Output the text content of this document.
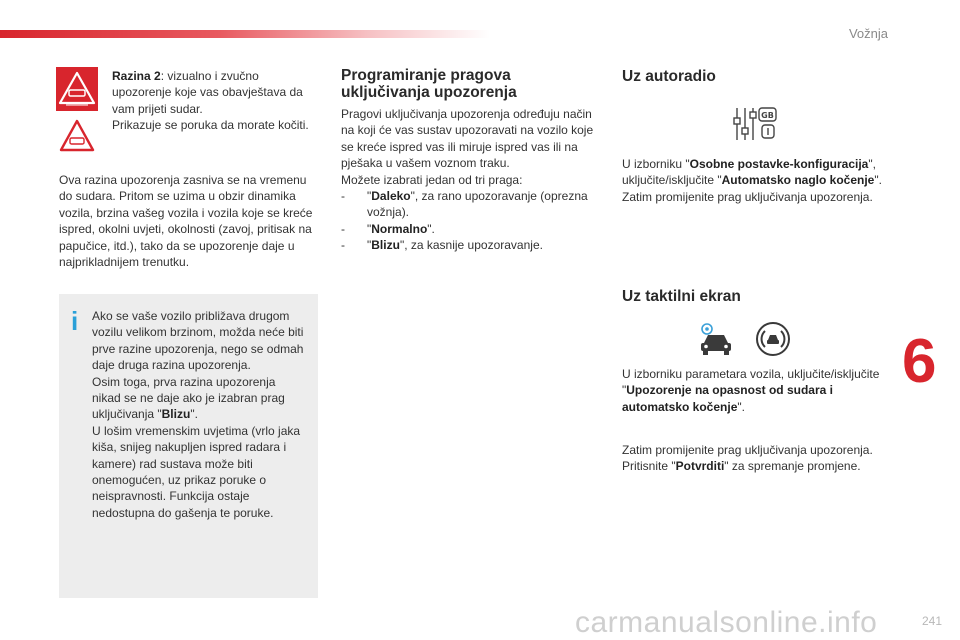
Vožnja

Razina 2: vizualno i zvučno upozorenje koje vas obavještava da vam prijeti sudar.

Prikazuje se poruka da morate kočiti.

Ova razina upozorenja zasniva se na vremenu do sudara. Pritom se uzima u obzir dinamika vozila, brzina vašeg vozila i vozila koje se kreće ispred, okolni uvjeti, okolnosti (zavoj, pritisak na papučice, itd.), tako da se upozorenje daje u najprikladnijem trenutku.

i Ako se vaše vozilo približava drugom vozilu velikom brzinom, možda neće biti prve razine upozorenja, nego se odmah daje druga razina upozorenja.

Osim toga, prva razina upozorenja nikad se ne daje ako je izabran prag uključivanja "Blizu".

U lošim vremenskim uvjetima (vrlo jaka kiša, snijeg nakupljen ispred radara i kamere) rad sustava može biti onemogućen, uz prikaz poruke o neispravnosti. Funkcija ostaje nedostupna do gašenja te poruke.

Programiranje pragova
uključivanja upozorenja

Pragovi uključivanja upozorenja određuju način na koji će vas sustav upozoravati na vozilo koje se kreće ispred vas ili miruje ispred vas ili na pješaka u vašem voznom traku.

Možete izabrati jedan od tri praga:

- "Daleko", za rano upozoravanje (oprezna vožnja).
- "Normalno".
- "Blizu", za kasnije upozoravanje.
Uz autoradio
GB

U izborniku "Osobne postavke-konfiguracija", uključite/isključite "Automatsko naglo kočenje".

Zatim promijenite prag uključivanja upozorenja.

Uz taktilni ekran

U izborniku parametara vozila, uključite/isključite "Upozorenje na opasnost od sudara i automatsko kočenje".

Zatim promijenite prag uključivanja upozorenja.

Pritisnite "Potvrditi" za spremanje promjene.

6
241
carmanualsonline.info
